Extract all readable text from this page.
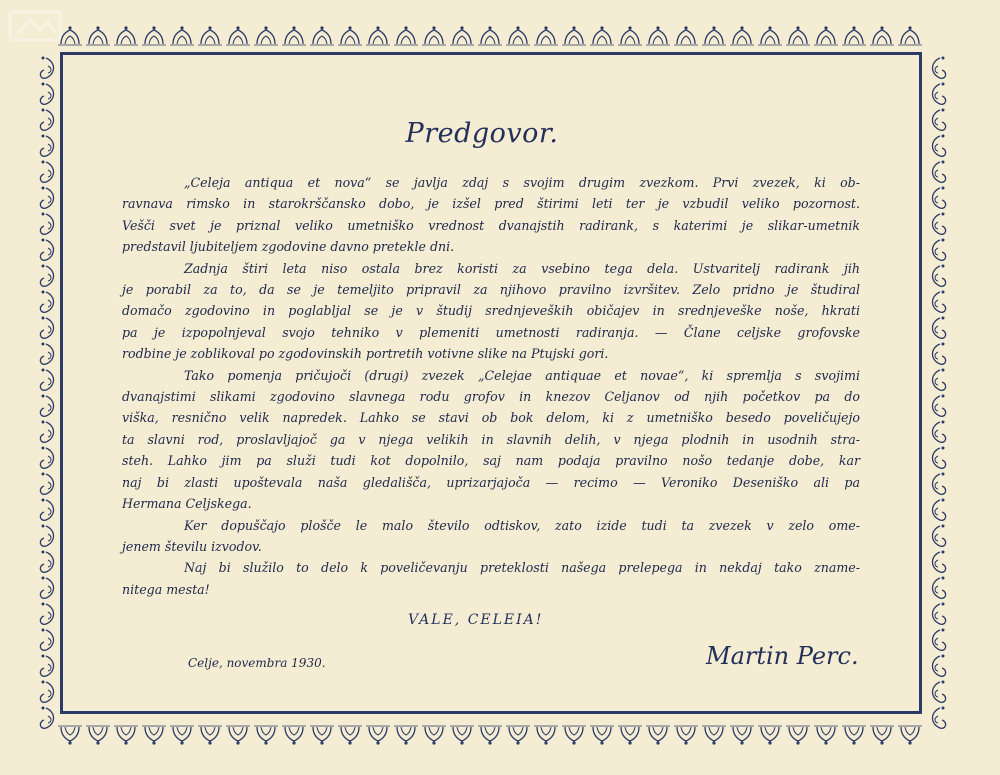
Predgovor.
„Celeja antiqua et nova“ se javlja zdaj s svojim drugim zvezkom. Prvi zvezek, ki ob-
ravnava rimsko in starokrščansko dobo, je izšel pred štirimi leti ter je vzbudil veliko pozornost.
Vešči svet je priznal veliko umetniško vrednost dvanajstih radirank, s katerimi je slikar-umetnik
predstavil ljubiteljem zgodovine davno pretekle dni.
Zadnja štiri leta niso ostala brez koristi za vsebino tega dela. Ustvaritelj radirank jih
je porabil za to, da se je temeljito pripravil za njihovo pravilno izvršitev. Zelo pridno je študiral
domačo zgodovino in poglabljal se je v študij srednjeveških običajev in srednjeveške noše, hkrati
pa je izpopolnjeval svojo tehniko v plemeniti umetnosti radiranja. — Člane celjske grofovske
rodbine je zoblikoval po zgodovinskih portretih votivne slike na Ptujski gori.
Tako pomenja pričujoči (drugi) zvezek „Celejae antiquae et novae“, ki spremlja s svojimi
dvanajstimi slikami zgodovino slavnega rodu grofov in knezov Celjanov od njih početkov pa do
viška, resnično velik napredek. Lahko se stavi ob bok delom, ki z umetniško besedo poveličujejo
ta slavni rod, proslavljajoč ga v njega velikih in slavnih delih, v njega plodnih in usodnih stra-
steh. Lahko jim pa služi tudi kot dopolnilo, saj nam podaja pravilno nošo tedanje dobe, kar
naj bi zlasti upoštevala naša gledališča, uprizarjajoča — recimo — Veroniko Deseniško ali pa
Hermana Celjskega.
Ker dopuščajo plošče le malo število odtiskov, zato izide tudi ta zvezek v zelo ome-
jenem številu izvodov.
Naj bi služilo to delo k poveličevanju preteklosti našega prelepega in nekdaj tako zname-
nitega mesta!
VALE, CELEIA!
Celje, novembra 1930.	Martin Perc.
